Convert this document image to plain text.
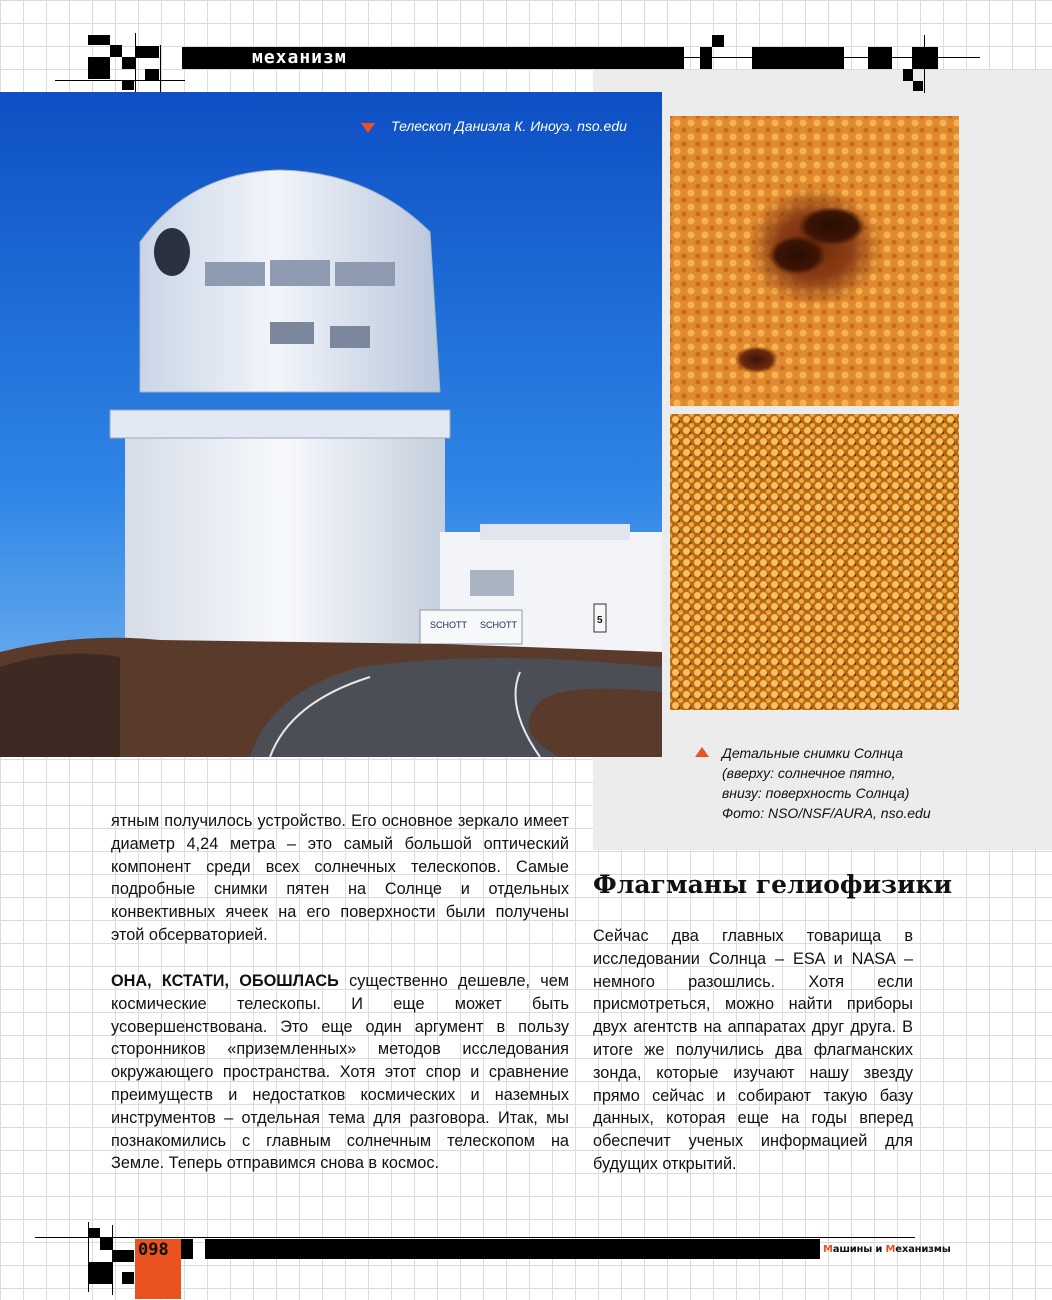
механизм
SCHOTT SCHOTT	5
Телескоп Даниэла К. Иноуэ. nso.edu
Детальные снимки Солнца
(вверху: солнечное пятно,
внизу: поверхность Солнца)
Фото: NSO/NSF/AURA, nso.edu

ятным получилось устройство. Его основное зеркало имеет диаметр 4,24 метра – это самый большой оптический компонент среди всех солнечных телескопов. Самые подробные снимки пятен на Солнце и отдельных конвективных ячеек на его поверхности были получены этой обсерваторией.

ОНА, КСТАТИ, ОБОШЛАСЬ существенно дешевле, чем космические телескопы. И еще может быть усовершенствована. Это еще один аргумент в пользу сторонников «приземленных» методов исследования окружающего пространства. Хотя этот спор и сравнение преимуществ и недостатков космических и наземных инструментов – отдельная тема для разговора. Итак, мы познакомились с главным солнечным телескопом на Земле. Теперь отправимся снова в космос.

Флагманы гелиофизики

Сейчас два главных товарища в исследовании Солнца – ESA и NASA – немного разошлись. Хотя если присмотреться, можно найти приборы двух агентств на аппаратах друг друга. В итоге же получились два флагманских зонда, которые изучают нашу звезду прямо сейчас и собирают такую базу данных, которая еще на годы вперед обеспечит ученых информацией для будущих открытий.

098	Машины и Механизмы
